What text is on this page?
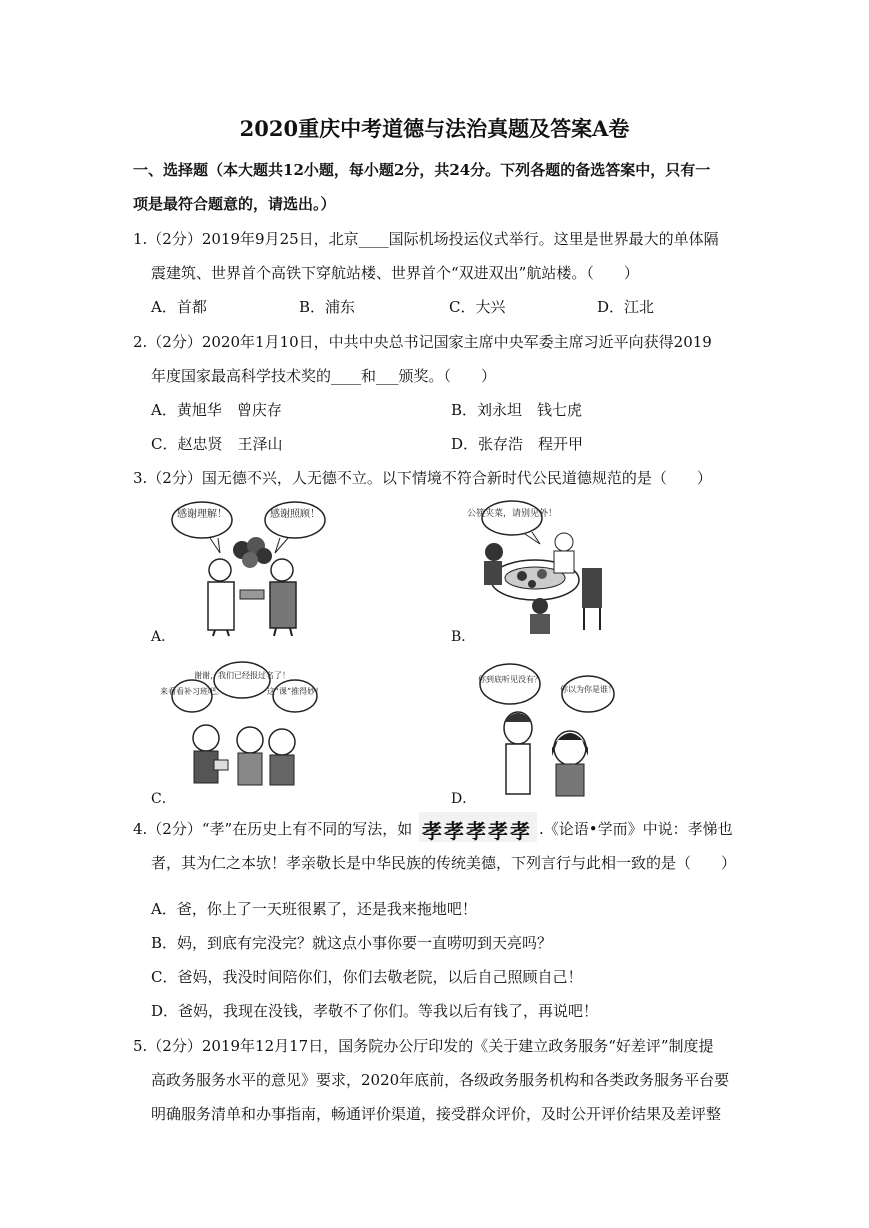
2020重庆中考道德与法治真题及答案A卷
一、选择题（本大题共12小题，每小题2分，共24分。下列各题的备选答案中，只有一
项是最符合题意的，请选出。）
1.（2分）2019年9月25日，北京____国际机场投运仪式举行。这里是世界最大的单体隔
震建筑、世界首个高铁下穿航站楼、世界首个“双进双出”航站楼。（　　）
A．首都	B．浦东	C．大兴	D．江北
2.（2分）2020年1月10日，中共中央总书记国家主席中央军委主席习近平向获得2019
年度国家最高科学技术奖的____和___颁奖。（　　）
A．黄旭华　曾庆存	B．刘永坦　钱七虎
C．赵忠贤　王泽山	D．张存浩　程开甲
3.（2分）国无德不兴，人无德不立。以下情境不符合新时代公民道德规范的是（　　）
感谢理解！	感谢照顾！
A．
公筷夹菜，请别见外！
B．
来看看补习班吧。
谢谢，我们已经报过名了！
这“课”推得妙！
C．
你到底听见没有？
你以为你是谁！
D．
4.（2分）“孝”在历史上有不同的写法，如 孝孝孝孝孝 .《论语•学而》中说：孝悌也
者，其为仁之本欤！孝亲敬长是中华民族的传统美德，下列言行与此相一致的是（　　）
A．爸，你上了一天班很累了，还是我来拖地吧！
B．妈，到底有完没完？就这点小事你要一直唠叨到天亮吗？
C．爸妈，我没时间陪你们，你们去敬老院，以后自己照顾自己！
D．爸妈，我现在没钱，孝敬不了你们。等我以后有钱了，再说吧！
5.（2分）2019年12月17日，国务院办公厅印发的《关于建立政务服务“好差评”制度提
高政务服务水平的意见》要求，2020年底前，各级政务服务机构和各类政务服务平台要
明确服务清单和办事指南，畅通评价渠道，接受群众评价，及时公开评价结果及差评整
